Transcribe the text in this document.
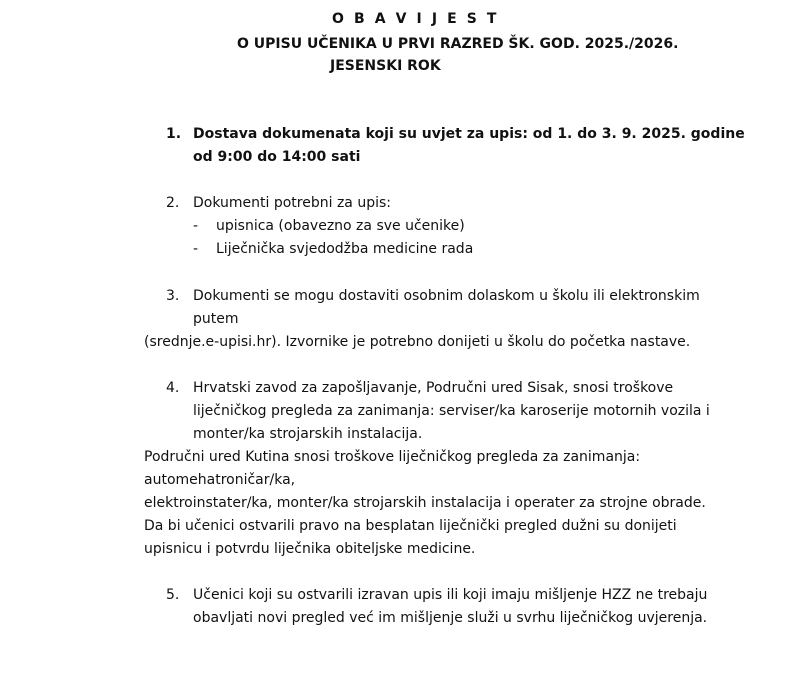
O B A V I J E S T
O UPISU UČENIKA U PRVI RAZRED ŠK. GOD. 2025./2026.
JESENSKI ROK
1. Dostava dokumenata koji su uvjet za upis: od 1. do 3. 9. 2025. godine
od 9:00 do 14:00 sati
2. Dokumenti potrebni za upis:
- upisnica (obavezno za sve učenike)
- Liječnička svjedodžba medicine rada
3. Dokumenti se mogu dostaviti osobnim dolaskom u školu ili elektronskim
putem
(srednje.e-upisi.hr). Izvornike je potrebno donijeti u školu do početka nastave.
4. Hrvatski zavod za zapošljavanje, Područni ured Sisak, snosi troškove
liječničkog pregleda za zanimanja: serviser/ka karoserije motornih vozila i
monter/ka strojarskih instalacija.
Područni ured Kutina snosi troškove liječničkog pregleda za zanimanja:
automehatroničar/ka,
elektroinstater/ka, monter/ka strojarskih instalacija i operater za strojne obrade.
Da bi učenici ostvarili pravo na besplatan liječnički pregled dužni su donijeti
upisnicu i potvrdu liječnika obiteljske medicine.
5. Učenici koji su ostvarili izravan upis ili koji imaju mišljenje HZZ ne trebaju
obavljati novi pregled već im mišljenje služi u svrhu liječničkog uvjerenja.
